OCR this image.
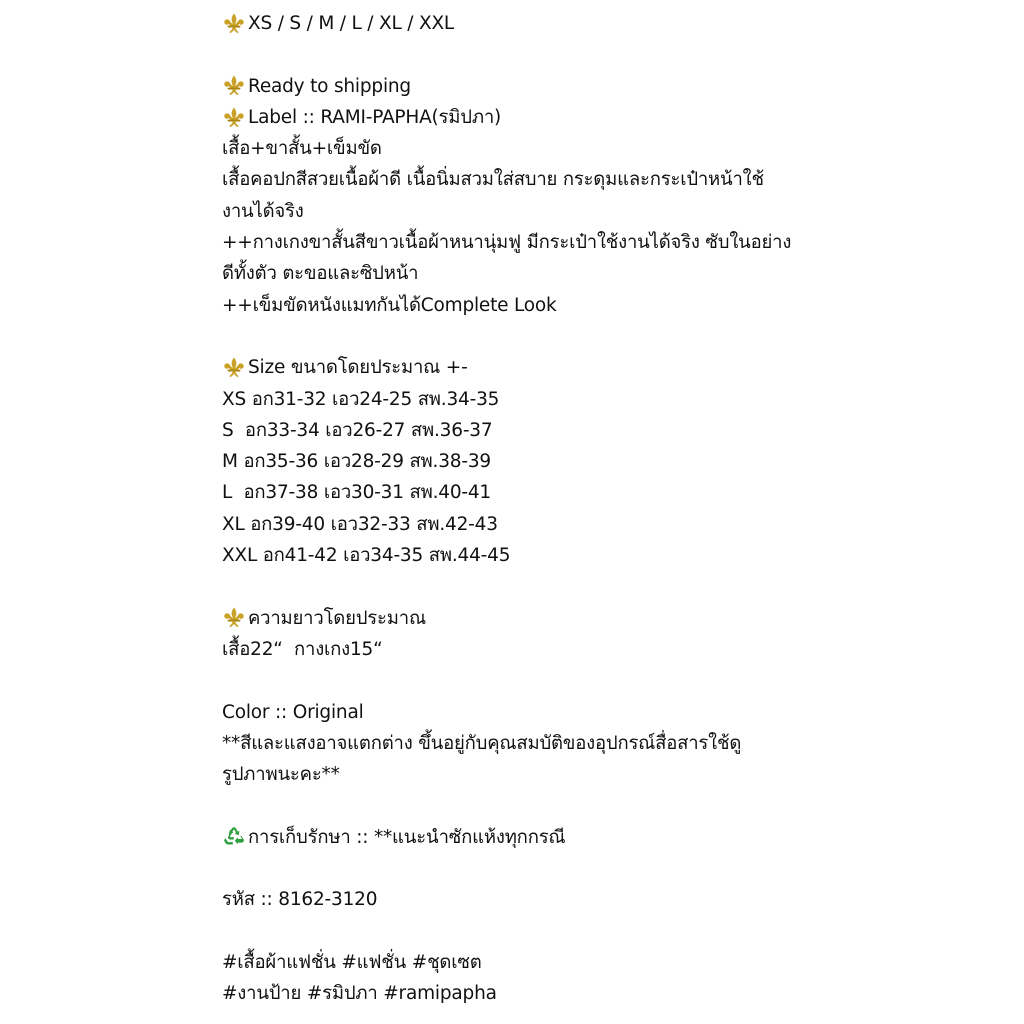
XS / S / M / L / XL / XXL
Ready to shipping
Label :: RAMI-PAPHA(รมิปภา)
เสื้อ+ขาสั้น+เข็มขัด
เสื้อคอปกสีสวยเนื้อผ้าดี เนื้อนิ่มสวมใส่สบาย กระดุมและกระเป๋าหน้าใช้
งานได้จริง
++กางเกงขาสั้นสีขาวเนื้อผ้าหนานุ่มฟู มีกระเป๋าใช้งานได้จริง ซับในอย่าง
ดีทั้งตัว ตะขอและซิปหน้า
++เข็มขัดหนังแมทกันได้Complete Look
Size ขนาดโดยประมาณ +-
XS อก31-32 เอว24-25 สพ.34-35
S  อก33-34 เอว26-27 สพ.36-37
M อก35-36 เอว28-29 สพ.38-39
L  อก37-38 เอว30-31 สพ.40-41
XL อก39-40 เอว32-33 สพ.42-43
XXL อก41-42 เอว34-35 สพ.44-45
ความยาวโดยประมาณ
เสื้อ22“  กางเกง15“
Color :: Original
**สีและแสงอาจแตกต่าง ขึ้นอยู่กับคุณสมบัติของอุปกรณ์สื่อสารใช้ดู
รูปภาพนะคะ**
การเก็บรักษา :: **แนะนำซักแห้งทุกกรณี
รหัส :: 8162-3120
#เสื้อผ้าแฟชั่น #แฟชั่น #ชุดเซต
#งานป้าย #รมิปภา #ramipapha
